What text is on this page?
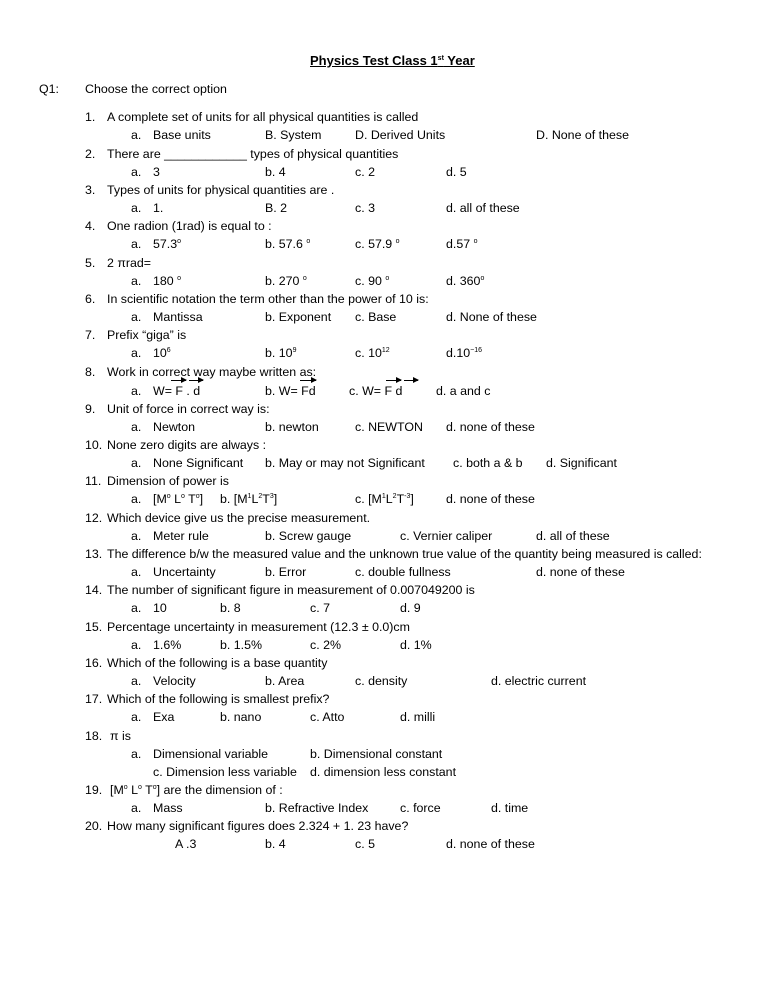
Physics Test Class 1st Year
Q1: Choose the correct option
1. A complete set of units for all physical quantities is called
a. Base units	B. System	D. Derived Units	D. None of these
2. There are ____________ types of physical quantities
a. 3	b. 4	c. 2	d. 5
3. Types of units for physical quantities are .
a. 1.	B. 2	c. 3	d. all of these
4. One radion (1rad) is equal to :
a. 57.3$^o$	b. 57.6 $^o$	c. 57.9 $^o$	d.57 $^o$
5. 2 πrad=
a. 180 $^o$	b. 270 $^o$	c. 90 $^o$	d. 360$^o$
6. In scientific notation the term other than the power of 10 is:
a. Mantissa	b. Exponent c. Base	d. None of these
7. Prefix “giga” is
a. $10^6$	b. $10^9$	c. $10^{12}$	$d.10^{-16}$
8. Work in correct way maybe written as:
a. W= F . d	b. W= Fd	c. W= F d	d. a and c
9. Unit of force in correct way is:
a. Newton	b. newton	c. NEWTON d. none of these
10. None zero digits are always :
a. None Significant b. May or may not Significant c. both a & b d. Significant
11. Dimension of power is
a. [$M^o$ $L^o$ $T^o$] b. $[M^1L^2T^3]$	c. $[M^1L^2T^{-3}]$	d. none of these
12. Which device give us the precise measurement.
a. Meter rule	b. Screw gauge	c. Vernier caliper	d. all of these
13. The difference b/w the measured value and the unknown true value of the quantity being measured is called:
a. Uncertainty	b. Error	c. double fullness	d. none of these
14. The number of significant figure in measurement of 0.007049200 is
a. 10	b. 8	c. 7	d. 9
15. Percentage uncertainty in measurement (12.3 ± 0.0)cm
a. 1.6%	b. 1.5%	c. 2%	d. 1%
16. Which of the following is a base quantity
a. Velocity	b. Area	c. density	d. electric current
17. Which of the following is smallest prefix?
a. Exa	b. nano	c. Atto	d. milli
18. π is
a. Dimensional variable	b. Dimensional constant
c. Dimension less variable d. dimension less constant
19. [$M^o$ $L^o$ $T^o$] are the dimension of :
a. Mass	b. Refractive Index	c. force	d. time
20. How many significant figures does 2.324 + 1. 23 have?
A .3	b. 4	c. 5	d. none of these
